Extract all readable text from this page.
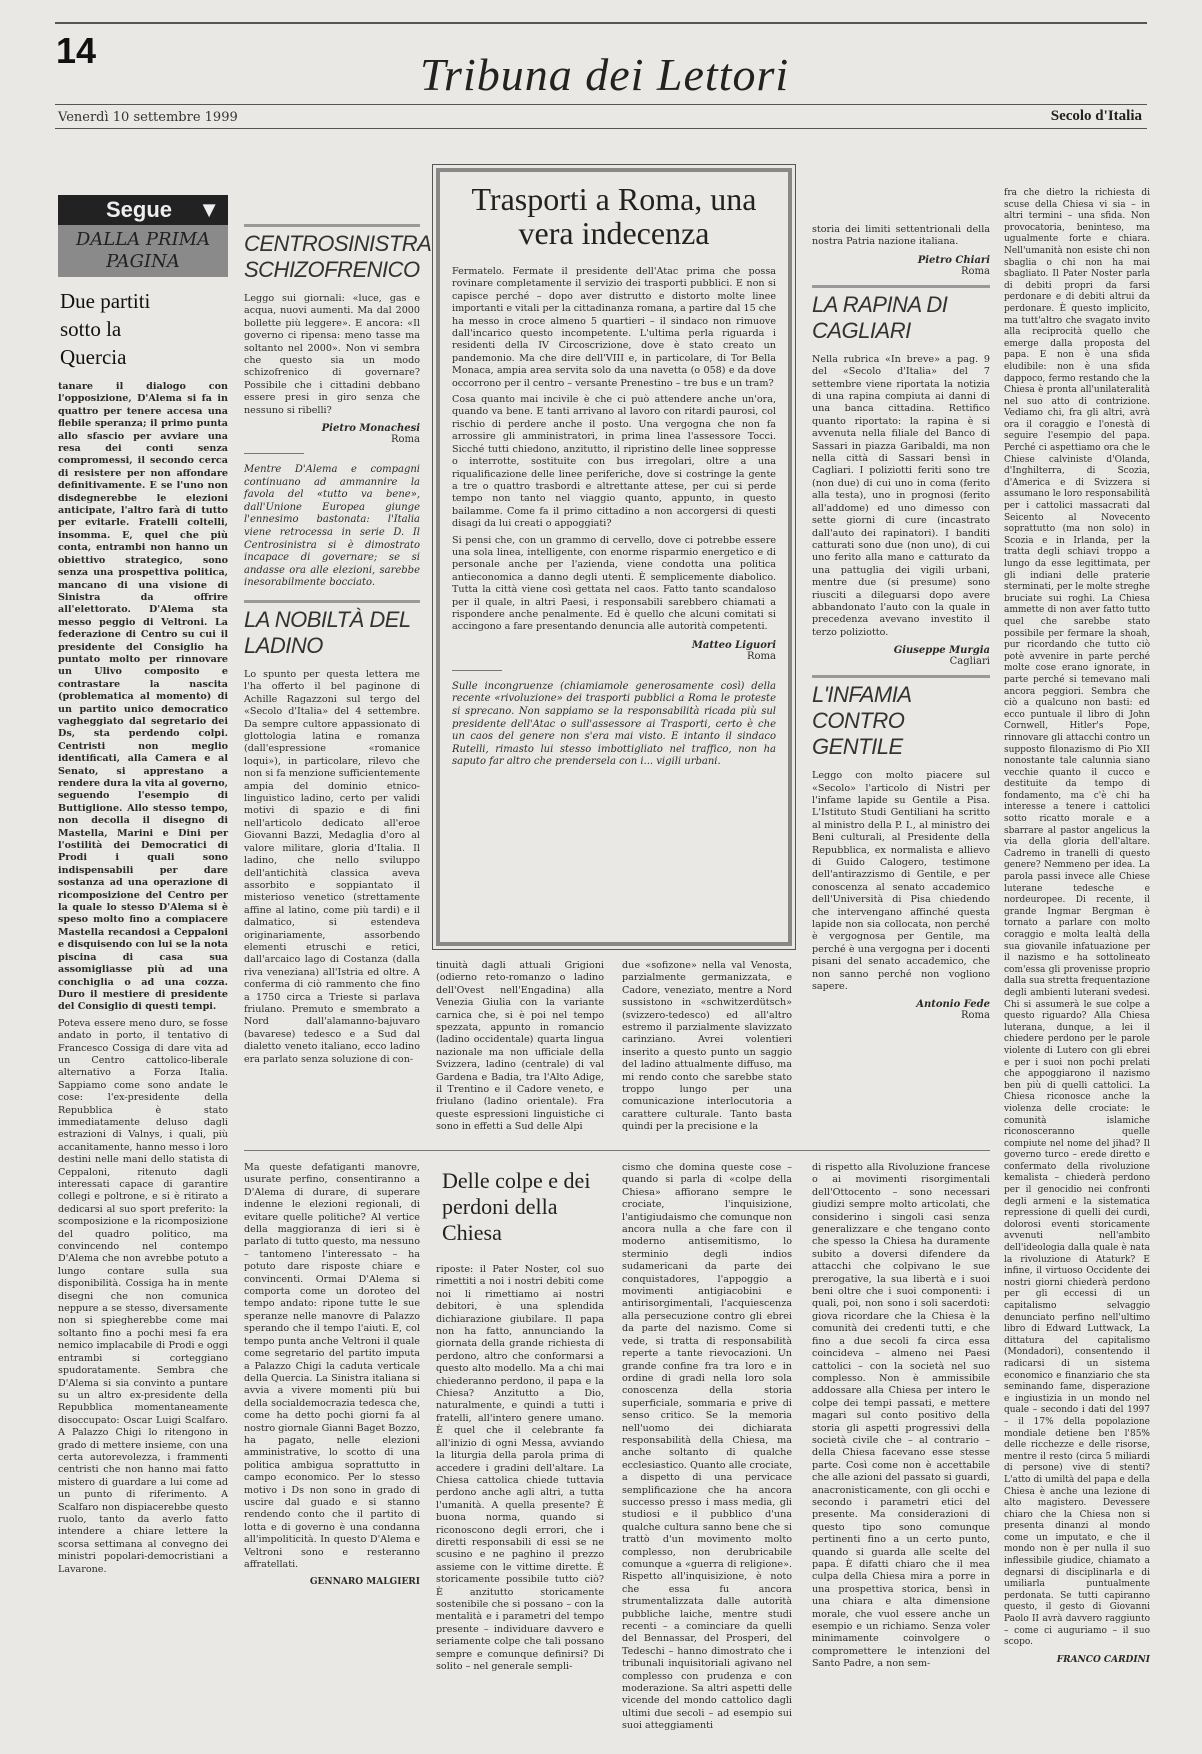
14	Tribuna dei Lettori
Venerdì 10 settembre 1999	Secolo d'Italia
Segue ▼
DALLA PRIMA PAGINA
Due partiti sotto la Quercia

tanare il dialogo con l'opposizione, D'Alema si fa in quattro per tenere accesa una flebile speranza; il primo punta allo sfascio per avviare una resa dei conti senza compromessi, il secondo cerca di resistere per non affondare definitivamente. E se l'uno non disdegnerebbe le elezioni anticipate, l'altro farà di tutto per evitarle. Fratelli coltelli, insomma. E, quel che più conta, entrambi non hanno un obiettivo strategico, sono senza una prospettiva politica, mancano di una visione di Sinistra da offrire all'elettorato. D'Alema sta messo peggio di Veltroni. La federazione di Centro su cui il presidente del Consiglio ha puntato molto per rinnovare un Ulivo composito e contrastare la nascita (problematica al momento) di un partito unico democratico vagheggiato dal segretario dei Ds, sta perdendo colpi. Centristi non meglio identificati, alla Camera e al Senato, si apprestano a rendere dura la vita al governo, seguendo l'esempio di Buttiglione. Allo stesso tempo, non decolla il disegno di Mastella, Marini e Dini per l'ostilità dei Democratici di Prodi i quali sono indispensabili per dare sostanza ad una operazione di ricomposizione del Centro per la quale lo stesso D'Alema si è speso molto fino a compiacere Mastella recandosi a Ceppaloni e disquisendo con lui se la nota piscina di casa sua assomigliasse più ad una conchiglia o ad una cozza. Duro il mestiere di presidente del Consiglio di questi tempi.

Poteva essere meno duro, se fosse andato in porto, il tentativo di Francesco Cossiga di dare vita ad un Centro cattolico-liberale alternativo a Forza Italia. Sappiamo come sono andate le cose: l'ex-presidente della Repubblica è stato immediatamente deluso dagli estrazioni di Valnys, i quali, più accanitamente, hanno messo i loro destini nelle mani dello statista di Ceppaloni, ritenuto dagli interessati capace di garantire collegi e poltrone, e si è ritirato a dedicarsi al suo sport preferito: la scomposizione e la ricomposizione del quadro politico, ma convincendo nel contempo D'Alema che non avrebbe potuto a lungo contare sulla sua disponibilità. Cossiga ha in mente disegni che non comunica neppure a se stesso, diversamente non si spiegherebbe come mai soltanto fino a pochi mesi fa era nemico implacabile di Prodi e oggi entrambi si corteggiano spudoratamente. Sembra che D'Alema si sia convinto a puntare su un altro ex-presidente della Repubblica momentaneamente disoccupato: Oscar Luigi Scalfaro. A Palazzo Chigi lo ritengono in grado di mettere insieme, con una certa autorevolezza, i frammenti centristi che non hanno mai fatto mistero di guardare a lui come ad un punto di riferimento. A Scalfaro non dispiacerebbe questo ruolo, tanto da averlo fatto intendere a chiare lettere la scorsa settimana al convegno dei ministri popolari-democristiani a Lavarone.

CENTROSINISTRA SCHIZOFRENICO

Leggo sui giornali: «luce, gas e acqua, nuovi aumenti. Ma dal 2000 bollette più leggere». E ancora: «Il governo ci ripensa: meno tasse ma soltanto nel 2000». Non vi sembra che questo sia un modo schizofrenico di governare? Possibile che i cittadini debbano essere presi in giro senza che nessuno si ribelli?

Pietro Monachesi

Roma

Mentre D'Alema e compagni continuano ad ammannire la favola del «tutto va bene», dall'Unione Europea giunge l'ennesimo bastonata: l'Italia viene retrocessa in serie D. Il Centrosinistra si è dimostrato incapace di governare; se si andasse ora alle elezioni, sarebbe inesorabilmente bocciato.

LA NOBILTÀ DEL LADINO

Lo spunto per questa lettera me l'ha offerto il bel paginone di Achille Ragazzoni sul tergo del «Secolo d'Italia» del 4 settembre. Da sempre cultore appassionato di glottologia latina e romanza (dall'espressione «romanice loqui»), in particolare, rilevo che non si fa menzione sufficientemente ampia del dominio etnico-linguistico ladino, certo per validi motivi di spazio e di fini nell'articolo dedicato all'eroe Giovanni Bazzi, Medaglia d'oro al valore militare, gloria d'Italia. Il ladino, che nello sviluppo dell'antichità classica aveva assorbito e soppiantato il misterioso venetico (strettamente affine al latino, come più tardi) e il dalmatico, si estendeva originariamente, assorbendo elementi etruschi e retici, dall'arcaico lago di Costanza (dalla riva veneziana) all'Istria ed oltre. A conferma di ciò rammento che fino a 1750 circa a Trieste si parlava friulano. Premuto e smembrato a Nord dall'alamanno-bajuvaro (bavarese) tedesco e a Sud dal dialetto veneto italiano, ecco ladino era parlato senza soluzione di con-

Trasporti a Roma, una vera indecenza

Fermatelo. Fermate il presidente dell'Atac prima che possa rovinare completamente il servizio dei trasporti pubblici. E non si capisce perché – dopo aver distrutto e distorto molte linee importanti e vitali per la cittadinanza romana, a partire dal 15 che ha messo in croce almeno 5 quartieri – il sindaco non rimuove dall'incarico questo incompetente. L'ultima perla riguarda i residenti della IV Circoscrizione, dove è stato creato un pandemonio. Ma che dire dell'VIII e, in particolare, di Tor Bella Monaca, ampia area servita solo da una navetta (o 058) e da dove occorrono per il centro – versante Prenestino – tre bus e un tram?

Cosa quanto mai incivile è che ci può attendere anche un'ora, quando va bene. E tanti arrivano al lavoro con ritardi paurosi, col rischio di perdere anche il posto. Una vergogna che non fa arrossire gli amministratori, in prima linea l'assessore Tocci. Sicché tutti chiedono, anzitutto, il ripristino delle linee soppresse o interrotte, sostituite con bus irregolari, oltre a una riqualificazione delle linee periferiche, dove si costringe la gente a tre o quattro trasbordi e altrettante attese, per cui si perde tempo non tanto nel viaggio quanto, appunto, in questo bailamme. Come fa il primo cittadino a non accorgersi di questi disagi da lui creati o appoggiati?

Si pensi che, con un grammo di cervello, dove ci potrebbe essere una sola linea, intelligente, con enorme risparmio energetico e di personale anche per l'azienda, viene condotta una politica antieconomica a danno degli utenti. È semplicemente diabolico. Tutta la città viene così gettata nel caos. Fatto tanto scandaloso per il quale, in altri Paesi, i responsabili sarebbero chiamati a rispondere anche penalmente. Ed è quello che alcuni comitati si accingono a fare presentando denuncia alle autorità competenti.

Matteo Liguori

Roma

Sulle incongruenze (chiamiamole generosamente così) della recente «rivoluzione» dei trasporti pubblici a Roma le proteste si sprecano. Non sappiamo se la responsabilità ricada più sul presidente dell'Atac o sull'assessore ai Trasporti, certo è che un caos del genere non s'era mai visto. E intanto il sindaco Rutelli, rimasto lui stesso imbottigliato nel traffico, non ha saputo far altro che prendersela con i... vigili urbani.

tinuità dagli attuali Grigioni (odierno reto-romanzo o ladino dell'Ovest nell'Engadina) alla Venezia Giulia con la variante carnica che, si è poi nel tempo spezzata, appunto in romancio (ladino occidentale) quarta lingua nazionale ma non ufficiale della Svizzera, ladino (centrale) di val Gardena e Badia, tra l'Alto Adige, il Trentino e il Cadore veneto, e friulano (ladino orientale). Fra queste espressioni linguistiche ci sono in effetti a Sud delle Alpi

due «sofizone» nella val Venosta, parzialmente germanizzata, e Cadore, veneziato, mentre a Nord sussistono in «schwitzerdütsch» (svizzero-tedesco) ed all'altro estremo il parzialmente slavizzato carinziano. Avrei volentieri inserito a questo punto un saggio del ladino attualmente diffuso, ma mi rendo conto che sarebbe stato troppo lungo per una comunicazione interlocutoria a carattere culturale. Tanto basta quindi per la precisione e la

storia dei limiti settentrionali della nostra Patria nazione italiana.

Pietro Chiari

Roma

LA RAPINA DI CAGLIARI

Nella rubrica «In breve» a pag. 9 del «Secolo d'Italia» del 7 settembre viene riportata la notizia di una rapina compiuta ai danni di una banca cittadina. Rettifico quanto riportato: la rapina è si avvenuta nella filiale del Banco di Sassari in piazza Garibaldi, ma non nella città di Sassari bensì in Cagliari. I poliziotti feriti sono tre (non due) di cui uno in coma (ferito alla testa), uno in prognosi (ferito all'addome) ed uno dimesso con sette giorni di cure (incastrato dall'auto dei rapinatori). I banditi catturati sono due (non uno), di cui uno ferito alla mano e catturato da una pattuglia dei vigili urbani, mentre due (si presume) sono riusciti a dileguarsi dopo avere abbandonato l'auto con la quale in precedenza avevano investito il terzo poliziotto.

Giuseppe Murgia

Cagliari

L'INFAMIA CONTRO GENTILE

Leggo con molto piacere sul «Secolo» l'articolo di Nistri per l'infame lapide su Gentile a Pisa. L'Istituto Studi Gentiliani ha scritto al ministro della P. I., al ministro dei Beni culturali, al Presidente della Repubblica, ex normalista e allievo di Guido Calogero, testimone dell'antirazzismo di Gentile, e per conoscenza al senato accademico dell'Università di Pisa chiedendo che intervengano affinché questa lapide non sia collocata, non perché è vergognosa per Gentile, ma perché è una vergogna per i docenti pisani del senato accademico, che non sanno perché non vogliono sapere.

Antonio Fede

Roma

fra che dietro la richiesta di scuse della Chiesa vi sia – in altri termini – una sfida. Non provocatoria, beninteso, ma ugualmente forte e chiara. Nell'umanità non esiste chi non sbaglia o chi non ha mai sbagliato. Il Pater Noster parla di debiti propri da farsi perdonare e di debiti altrui da perdonare. È questo implicito, ma tutt'altro che svagato invito alla reciprocità quello che emerge dalla proposta del papa. E non è una sfida eludibile: non è una sfida dappoco, fermo restando che la Chiesa è pronta all'unilateralità nel suo atto di contrizione. Vediamo chi, fra gli altri, avrà ora il coraggio e l'onestà di seguire l'esempio del papa. Perché ci aspettiamo ora che le Chiese calviniste d'Olanda, d'Inghilterra, di Scozia, d'America e di Svizzera si assumano le loro responsabilità per i cattolici massacrati dal Seicento al Novecento soprattutto (ma non solo) in Scozia e in Irlanda, per la tratta degli schiavi troppo a lungo da esse legittimata, per gli indiani delle praterie sterminati, per le molte streghe bruciate sui roghi. La Chiesa ammette di non aver fatto tutto quel che sarebbe stato possibile per fermare la shoah, pur ricordando che tutto ciò potè avvenire in parte perché molte cose erano ignorate, in parte perché si temevano mali ancora peggiori. Sembra che ciò a qualcuno non basti: ed ecco puntuale il libro di John Cornwell, Hitler's Pope, rinnovare gli attacchi contro un supposto filonazismo di Pio XII nonostante tale calunnia siano vecchie quanto il cucco e destituite da tempo di fondamento, ma c'è chi ha interesse a tenere i cattolici sotto ricatto morale e a sbarrare al pastor angelicus la via della gloria dell'altare. Cadremo in tranelli di questo genere? Nemmeno per idea. La parola passi invece alle Chiese luterane tedesche e nordeuropee. Di recente, il grande Ingmar Bergman è tornato a parlare con molto coraggio e molta lealtà della sua giovanile infatuazione per il nazismo e ha sottolineato com'essa gli provenisse proprio dalla sua stretta frequentazione degli ambienti luterani svedesi. Chi si assumerà le sue colpe a questo riguardo? Alla Chiesa luterana, dunque, a lei il chiedere perdono per le parole violente di Lutero con gli ebrei e per i suoi non pochi prelati che appoggiarono il nazismo ben più di quelli cattolici. La Chiesa riconosce anche la violenza delle crociate: le comunità islamiche riconosceranno quelle compiute nel nome del jihad? Il governo turco – erede diretto e confermato della rivoluzione kemalista – chiederà perdono per il genocidio nei confronti degli armeni e la sistematica repressione di quelli dei curdi, dolorosi eventi storicamente avvenuti nell'ambito dell'ideologia dalla quale è nata la rivoluzione di Ataturk? E infine, il virtuoso Occidente dei nostri giorni chiederà perdono per gli eccessi di un capitalismo selvaggio denunciato perfino nell'ultimo libro di Edward Luttwack, La dittatura del capitalismo (Mondadori), consentendo il radicarsi di un sistema economico e finanziario che sta seminando fame, disperazione e ingiustizia in un mondo nel quale – secondo i dati del 1997 – il 17% della popolazione mondiale detiene ben l'85% delle ricchezze e delle risorse, mentre il resto (circa 5 miliardi di persone) vive di stenti? L'atto di umiltà del papa e della Chiesa è anche una lezione di alto magistero. Devessere chiaro che la Chiesa non si presenta dinanzi al mondo come un imputato, e che il mondo non è per nulla il suo inflessibile giudice, chiamato a degnarsi di disciplinarla e di umiliarla puntualmente perdonata. Se tutti capiranno questo, il gesto di Giovanni Paolo II avrà davvero raggiunto – come ci auguriamo – il suo scopo.

FRANCO CARDINI

Ma queste defatiganti manovre, usurate perfino, consentiranno a D'Alema di durare, di superare indenne le elezioni regionali, di evitare quelle politiche? Al vertice della maggioranza di ieri si è parlato di tutto questo, ma nessuno – tantomeno l'interessato – ha potuto dare risposte chiare e convincenti. Ormai D'Alema si comporta come un doroteo del tempo andato: ripone tutte le sue speranze nelle manovre di Palazzo sperando che il tempo l'aiuti. E, col tempo punta anche Veltroni il quale come segretario del partito imputa a Palazzo Chigi la caduta verticale della Quercia. La Sinistra italiana si avvia a vivere momenti più bui della socialdemocrazia tedesca che, come ha detto pochi giorni fa al nostro giornale Gianni Baget Bozzo, ha pagato, nelle elezioni amministrative, lo scotto di una politica ambigua soprattutto in campo economico. Per lo stesso motivo i Ds non sono in grado di uscire dal guado e si stanno rendendo conto che il partito di lotta e di governo è una condanna all'impoliticità. In questo D'Alema e Veltroni sono e resteranno affratellati.

GENNARO MALGIERI

Delle colpe e dei perdoni della Chiesa

riposte: il Pater Noster, col suo rimettiti a noi i nostri debiti come noi li rimettiamo ai nostri debitori, è una splendida dichiarazione giubilare. Il papa non ha fatto, annunciando la giornata della grande richiesta di perdono, altro che conformarsi a questo alto modello. Ma a chi mai chiederanno perdono, il papa e la Chiesa? Anzitutto a Dio, naturalmente, e quindi a tutti i fratelli, all'intero genere umano. È quel che il celebrante fa all'inizio di ogni Messa, avviando la liturgia della parola prima di accedere i gradini dell'altare. La Chiesa cattolica chiede tuttavia perdono anche agli altri, a tutta l'umanità. A quella presente? È buona norma, quando si riconoscono degli errori, che i diretti responsabili di essi se ne scusino e ne paghino il prezzo assieme con le vittime dirette. È storicamente possibile tutto ciò? È anzitutto storicamente sostenibile che si possano – con la mentalità e i parametri del tempo presente – individuare davvero e seriamente colpe che tali possano sempre e comunque definirsi? Di solito – nel generale sempli-

cismo che domina queste cose – quando si parla di «colpe della Chiesa» affiorano sempre le crociate, l'inquisizione, l'antigiudaismo che comunque non ancora nulla a che fare con il moderno antisemitismo, lo sterminio degli indios sudamericani da parte dei conquistadores, l'appoggio a movimenti antigiacobini e antirisorgimentali, l'acquiescenza alla persecuzione contro gli ebrei da parte del nazismo. Come si vede, si tratta di responsabilità reperte a tante rievocazioni. Un grande confine fra tra loro e in ordine di gradi nella loro sola conoscenza della storia superficiale, sommaria e prive di senso critico. Se la memoria nell'uomo dei dichiarata responsabilità della Chiesa, ma anche soltanto di qualche ecclesiastico. Quanto alle crociate, a dispetto di una pervicace semplificazione che ha ancora successo presso i mass media, gli studiosi e il pubblico d'una qualche cultura sanno bene che si trattò d'un movimento molto complesso, non derubricabile comunque a «guerra di religione». Rispetto all'inquisizione, è noto che essa fu ancora strumentalizzata dalle autorità pubbliche laiche, mentre studi recenti – a cominciare da quelli del Bennassar, del Prosperi, del Tedeschi – hanno dimostrato che i tribunali inquisitoriali agivano nel complesso con prudenza e con moderazione. Sa altri aspetti delle vicende del mondo cattolico dagli ultimi due secoli – ad esempio sui suoi atteggiamenti

di rispetto alla Rivoluzione francese o ai movimenti risorgimentali dell'Ottocento – sono necessari giudizi sempre molto articolati, che considerino i singoli casi senza generalizzare e che tengano conto che spesso la Chiesa ha duramente subito a doversi difendere da attacchi che colpivano le sue prerogative, la sua libertà e i suoi beni oltre che i suoi componenti: i quali, poi, non sono i soli sacerdoti: giova ricordare che la Chiesa è la comunità dei credenti tutti, e che fino a due secoli fa circa essa coincideva – almeno nei Paesi cattolici – con la società nel suo complesso. Non è ammissibile addossare alla Chiesa per intero le colpe dei tempi passati, e mettere magari sul conto positivo della storia gli aspetti progressivi della società civile che – al contrario – della Chiesa facevano esse stesse parte. Così come non è accettabile che alle azioni del passato si guardi, anacronisticamente, con gli occhi e secondo i parametri etici del presente. Ma considerazioni di questo tipo sono comunque pertinenti fino a un certo punto, quando si guarda alle scelte del papa. È difatti chiaro che il mea culpa della Chiesa mira a porre in una prospettiva storica, bensì in una chiara e alta dimensione morale, che vuol essere anche un esempio e un richiamo. Senza voler minimamente coinvolgere o compromettere le intenzioni del Santo Padre, a non sem-
